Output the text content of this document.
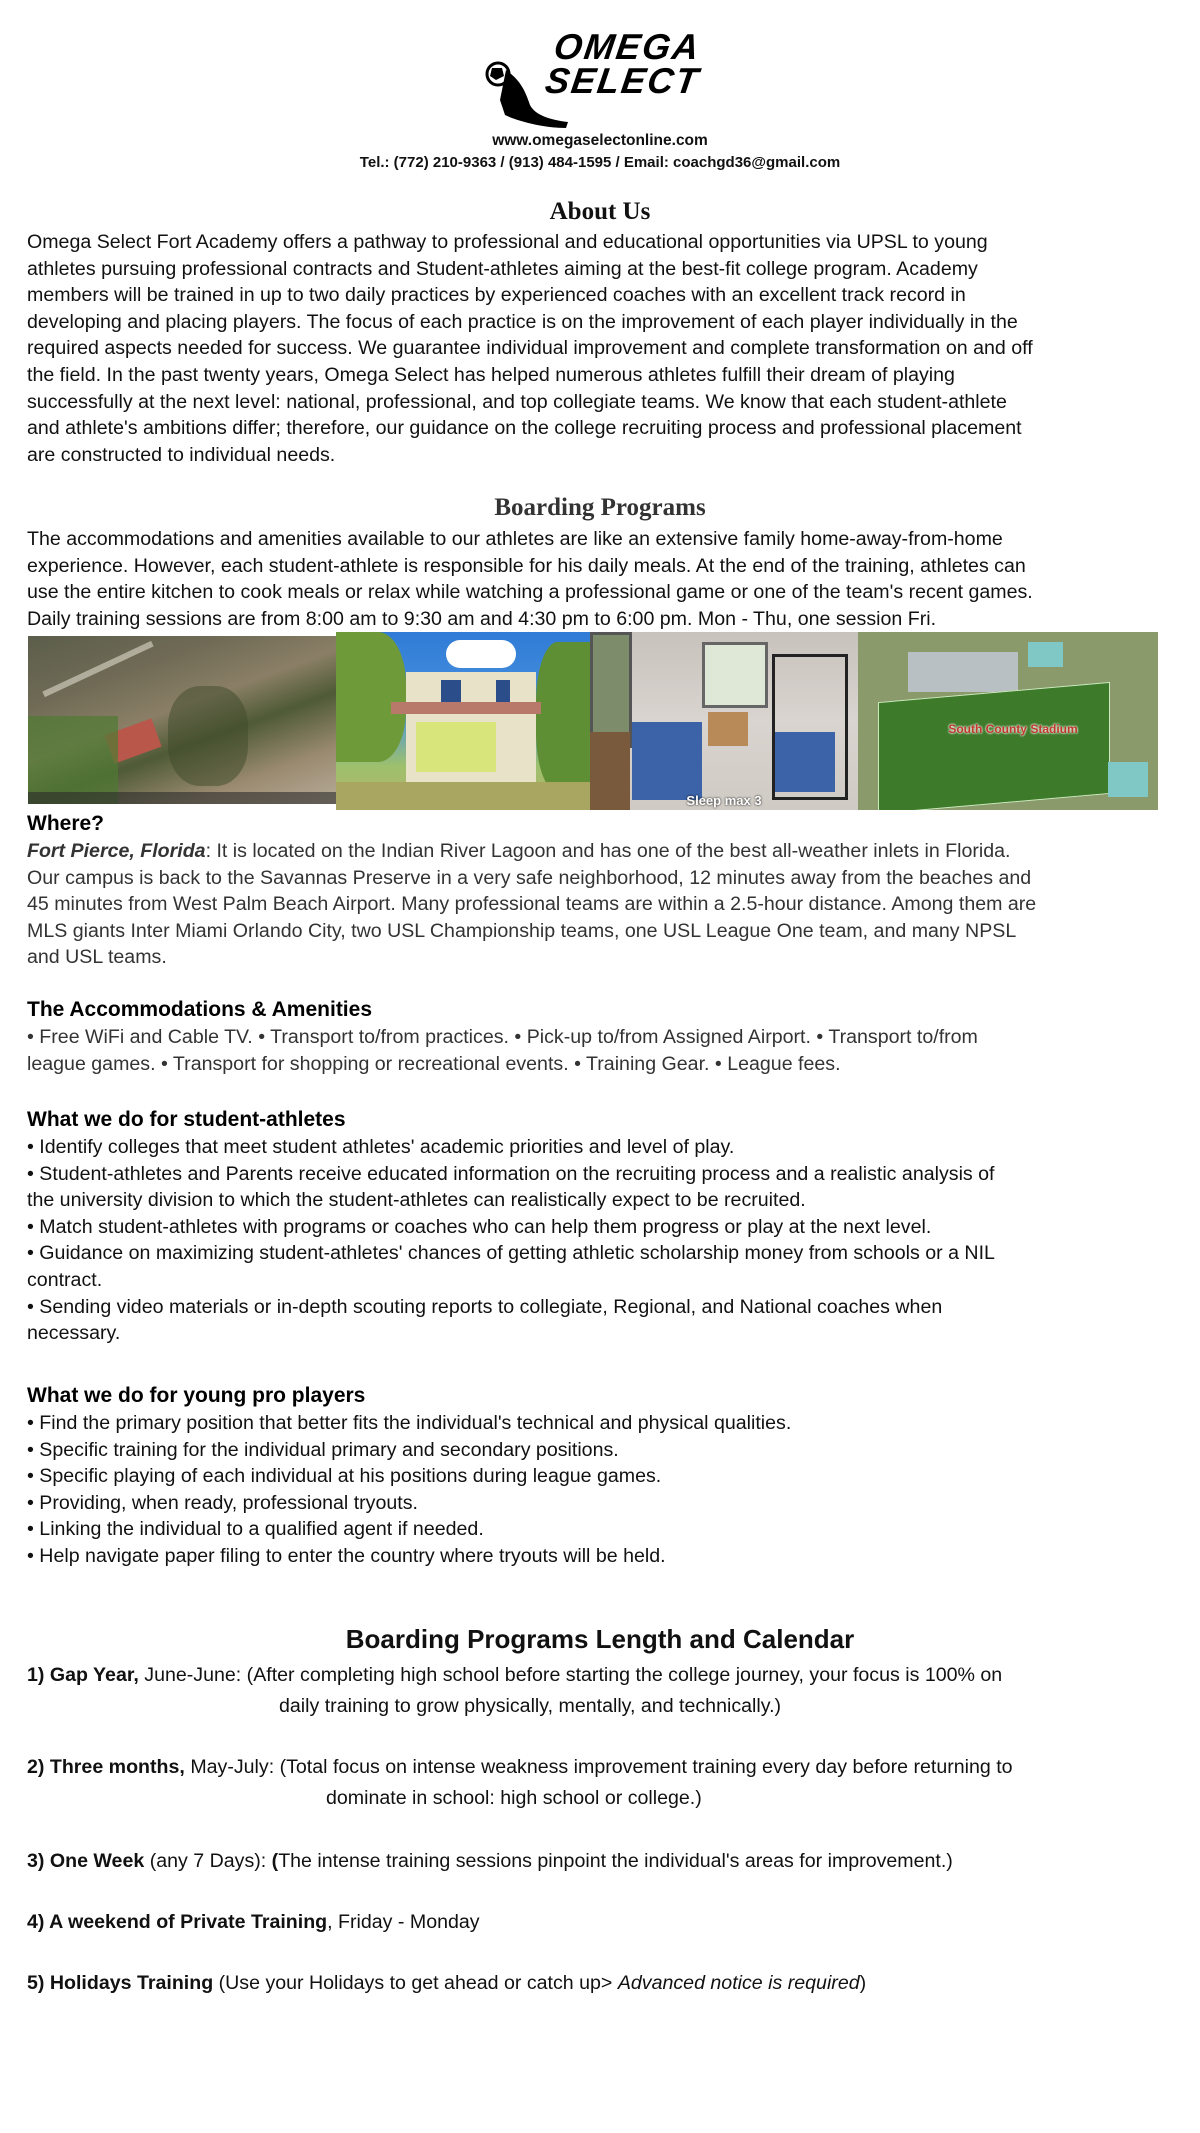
OMEGA
SELECT
www.omegaselectonline.com
Tel.: (772) 210-9363 / (913) 484-1595 / Email: coachgd36@gmail.com
About Us
Omega Select Fort Academy offers a pathway to professional and educational opportunities via UPSL to young
athletes pursuing professional contracts and Student-athletes aiming at the best-fit college program. Academy
members will be trained in up to two daily practices by experienced coaches with an excellent track record in
developing and placing players. The focus of each practice is on the improvement of each player individually in the
required aspects needed for success. We guarantee individual improvement and complete transformation on and off
the field. In the past twenty years, Omega Select has helped numerous athletes fulfill their dream of playing
successfully at the next level: national, professional, and top collegiate teams. We know that each student-athlete
and athlete's ambitions differ; therefore, our guidance on the college recruiting process and professional placement
are constructed to individual needs.
Boarding Programs
The accommodations and amenities available to our athletes are like an extensive family home-away-from-home
experience. However, each student-athlete is responsible for his daily meals. At the end of the training, athletes can
use the entire kitchen to cook meals or relax while watching a professional game or one of the team's recent games.
Daily training sessions are from 8:00 am to 9:30 am and 4:30 pm to 6:00 pm. Mon - Thu, one session Fri.
Sleep max 3
South County Stadium
Where?
Fort Pierce, Florida: It is located on the Indian River Lagoon and has one of the best all-weather inlets in Florida.
Our campus is back to the Savannas Preserve in a very safe neighborhood, 12 minutes away from the beaches and
45 minutes from West Palm Beach Airport. Many professional teams are within a 2.5-hour distance. Among them are
MLS giants Inter Miami Orlando City, two USL Championship teams, one USL League One team, and many NPSL
and USL teams.
The Accommodations & Amenities
• Free WiFi and Cable TV. • Transport to/from practices. • Pick-up to/from Assigned Airport. • Transport to/from
league games. • Transport for shopping or recreational events. • Training Gear. • League fees.
What we do for student-athletes
• Identify colleges that meet student athletes' academic priorities and level of play.
• Student-athletes and Parents receive educated information on the recruiting process and a realistic analysis of
the university division to which the student-athletes can realistically expect to be recruited.
• Match student-athletes with programs or coaches who can help them progress or play at the next level.
• Guidance on maximizing student-athletes' chances of getting athletic scholarship money from schools or a NIL
contract.
• Sending video materials or in-depth scouting reports to collegiate, Regional, and National coaches when
necessary.
What we do for young pro players
• Find the primary position that better fits the individual's technical and physical qualities.
• Specific training for the individual primary and secondary positions.
• Specific playing of each individual at his positions during league games.
• Providing, when ready, professional tryouts.
• Linking the individual to a qualified agent if needed.
• Help navigate paper filing to enter the country where tryouts will be held.
Boarding Programs Length and Calendar
1) Gap Year, June-June: (After completing high school before starting the college journey, your focus is 100% on
daily training to grow physically, mentally, and technically.)
2) Three months, May-July: (Total focus on intense weakness improvement training every day before returning to
dominate in school: high school or college.)
3) One Week (any 7 Days): (The intense training sessions pinpoint the individual's areas for improvement.)
4) A weekend of Private Training, Friday - Monday
5) Holidays Training (Use your Holidays to get ahead or catch up> Advanced notice is required)
